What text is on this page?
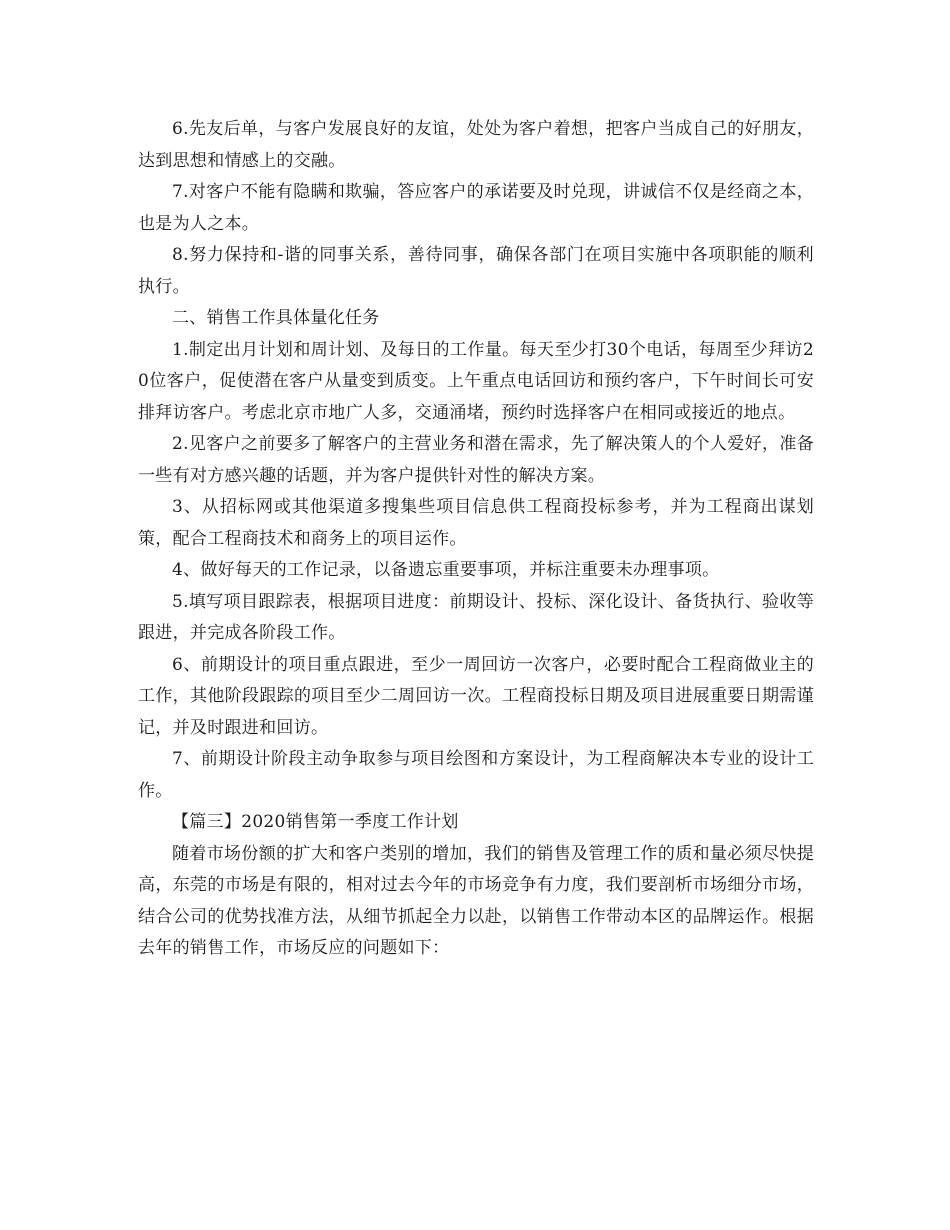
6.先友后单，与客户发展良好的友谊，处处为客户着想，把客户当成自己的好朋友，达到思想和情感上的交融。

7.对客户不能有隐瞒和欺骗，答应客户的承诺要及时兑现，讲诚信不仅是经商之本，也是为人之本。

8.努力保持和-谐的同事关系，善待同事，确保各部门在项目实施中各项职能的顺利执行。

二、销售工作具体量化任务

1.制定出月计划和周计划、及每日的工作量。每天至少打30个电话，每周至少拜访20位客户，促使潜在客户从量变到质变。上午重点电话回访和预约客户，下午时间长可安排拜访客户。考虑北京市地广人多，交通涌堵，预约时选择客户在相同或接近的地点。

2.见客户之前要多了解客户的主营业务和潜在需求，先了解决策人的个人爱好，准备一些有对方感兴趣的话题，并为客户提供针对性的解决方案。

3、从招标网或其他渠道多搜集些项目信息供工程商投标参考，并为工程商出谋划策，配合工程商技术和商务上的项目运作。

4、做好每天的工作记录，以备遗忘重要事项，并标注重要未办理事项。

5.填写项目跟踪表，根据项目进度：前期设计、投标、深化设计、备货执行、验收等跟进，并完成各阶段工作。

6、前期设计的项目重点跟进，至少一周回访一次客户，必要时配合工程商做业主的工作，其他阶段跟踪的项目至少二周回访一次。工程商投标日期及项目进展重要日期需谨记，并及时跟进和回访。

7、前期设计阶段主动争取参与项目绘图和方案设计，为工程商解决本专业的设计工作。

【篇三】2020销售第一季度工作计划

随着市场份额的扩大和客户类别的增加，我们的销售及管理工作的质和量必须尽快提高，东莞的市场是有限的，相对过去今年的市场竞争有力度，我们要剖析市场细分市场，结合公司的优势找准方法，从细节抓起全力以赴，以销售工作带动本区的品牌运作。根据去年的销售工作，市场反应的问题如下：
